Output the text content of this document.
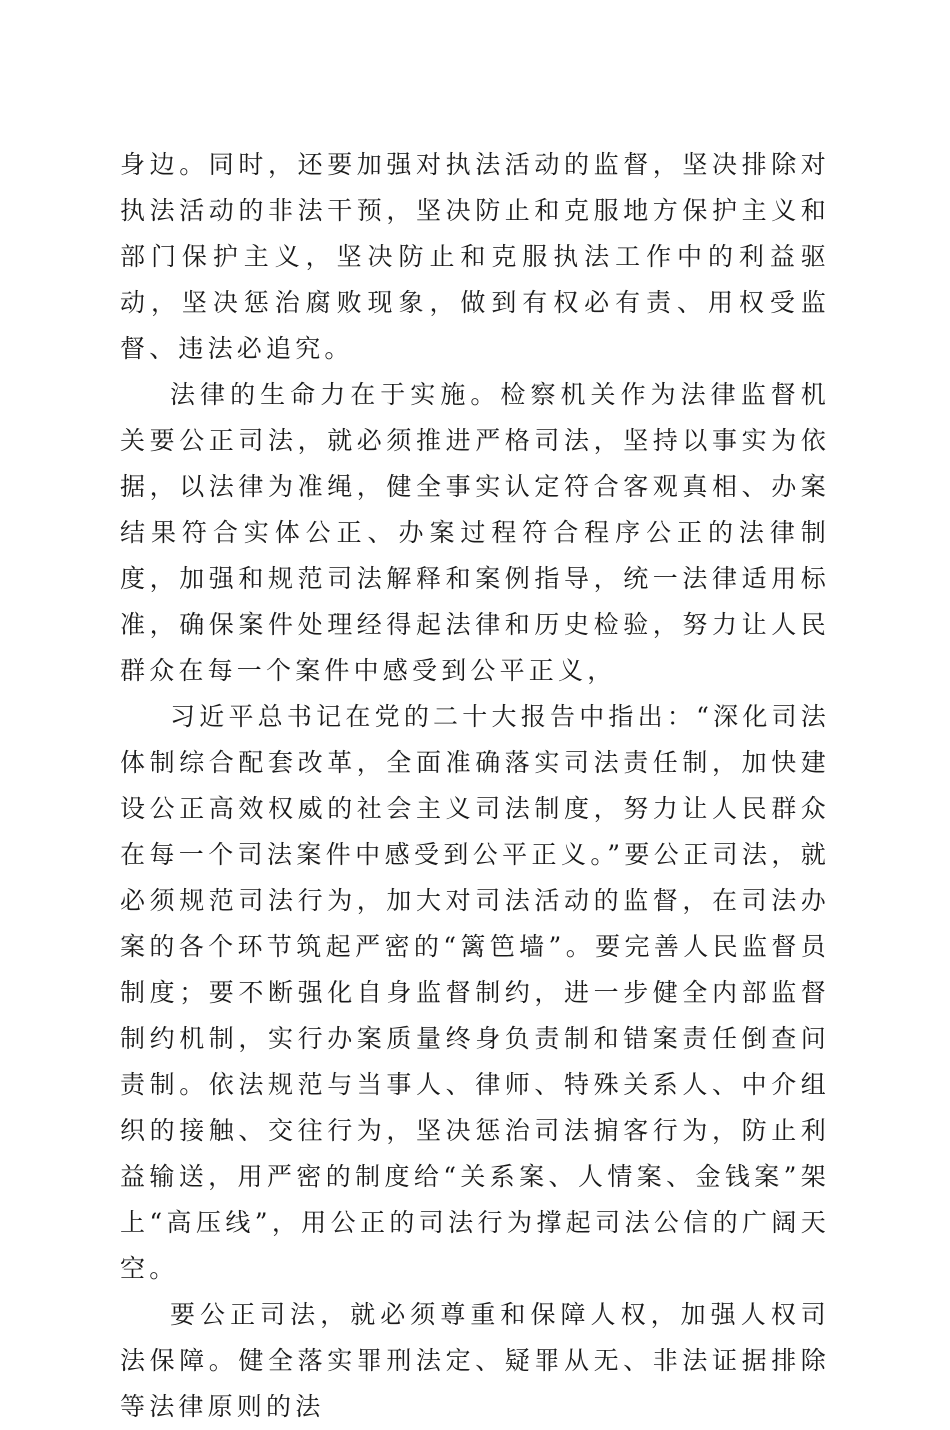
身边。同时，还要加强对执法活动的监督，坚决排除对执法活动的非法干预，坚决防止和克服地方保护主义和部门保护主义，坚决防止和克服执法工作中的利益驱动，坚决惩治腐败现象，做到有权必有责、用权受监督、违法必追究。

法律的生命力在于实施。检察机关作为法律监督机关要公正司法，就必须推进严格司法，坚持以事实为依据，以法律为准绳，健全事实认定符合客观真相、办案结果符合实体公正、办案过程符合程序公正的法律制度，加强和规范司法解释和案例指导，统一法律适用标准，确保案件处理经得起法律和历史检验，努力让人民群众在每一个案件中感受到公平正义，

习近平总书记在党的二十大报告中指出：“深化司法体制综合配套改革，全面准确落实司法责任制，加快建设公正高效权威的社会主义司法制度，努力让人民群众在每一个司法案件中感受到公平正义。”要公正司法，就必须规范司法行为，加大对司法活动的监督，在司法办案的各个环节筑起严密的“篱笆墙”。要完善人民监督员制度；要不断强化自身监督制约，进一步健全内部监督制约机制，实行办案质量终身负责制和错案责任倒查问责制。依法规范与当事人、律师、特殊关系人、中介组织的接触、交往行为，坚决惩治司法掮客行为，防止利益输送，用严密的制度给“关系案、人情案、金钱案”架上“高压线”，用公正的司法行为撑起司法公信的广阔天空。

要公正司法，就必须尊重和保障人权，加强人权司法保障。健全落实罪刑法定、疑罪从无、非法证据排除等法律原则的法
